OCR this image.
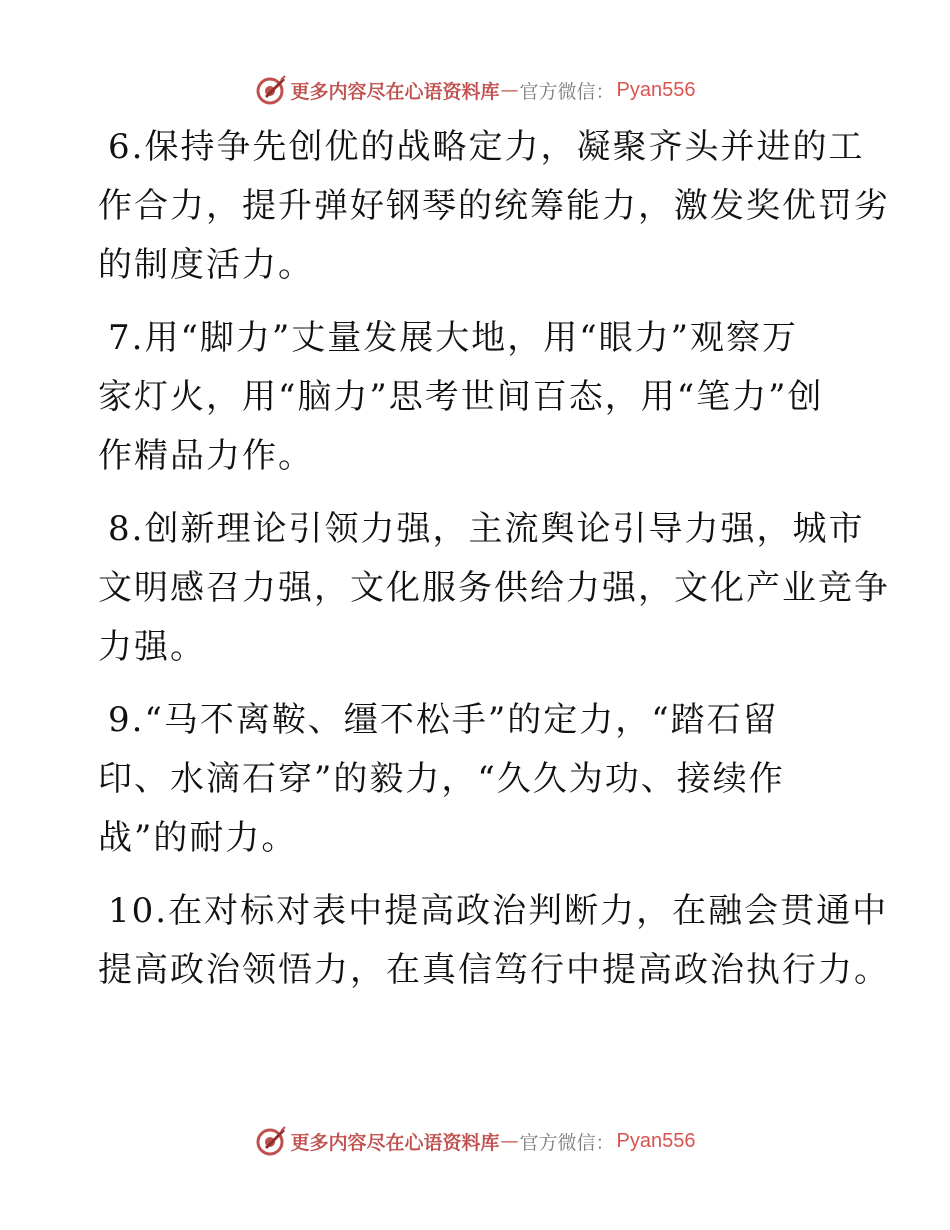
更多内容尽在心语资料库 — 官方微信： Pyan556
6.保持争先创优的战略定力，凝聚齐头并进的工
作合力，提升弹好钢琴的统筹能力，激发奖优罚劣
的制度活力。
7.用“脚力”丈量发展大地，用“眼力”观察万
家灯火，用“脑力”思考世间百态，用“笔力”创
作精品力作。
8.创新理论引领力强，主流舆论引导力强，城市
文明感召力强，文化服务供给力强，文化产业竞争
力强。
9.“马不离鞍、缰不松手”的定力，“踏石留
印、水滴石穿”的毅力，“久久为功、接续作
战”的耐力。
10.在对标对表中提高政治判断力，在融会贯通中
提高政治领悟力，在真信笃行中提高政治执行力。
更多内容尽在心语资料库 — 官方微信： Pyan556
